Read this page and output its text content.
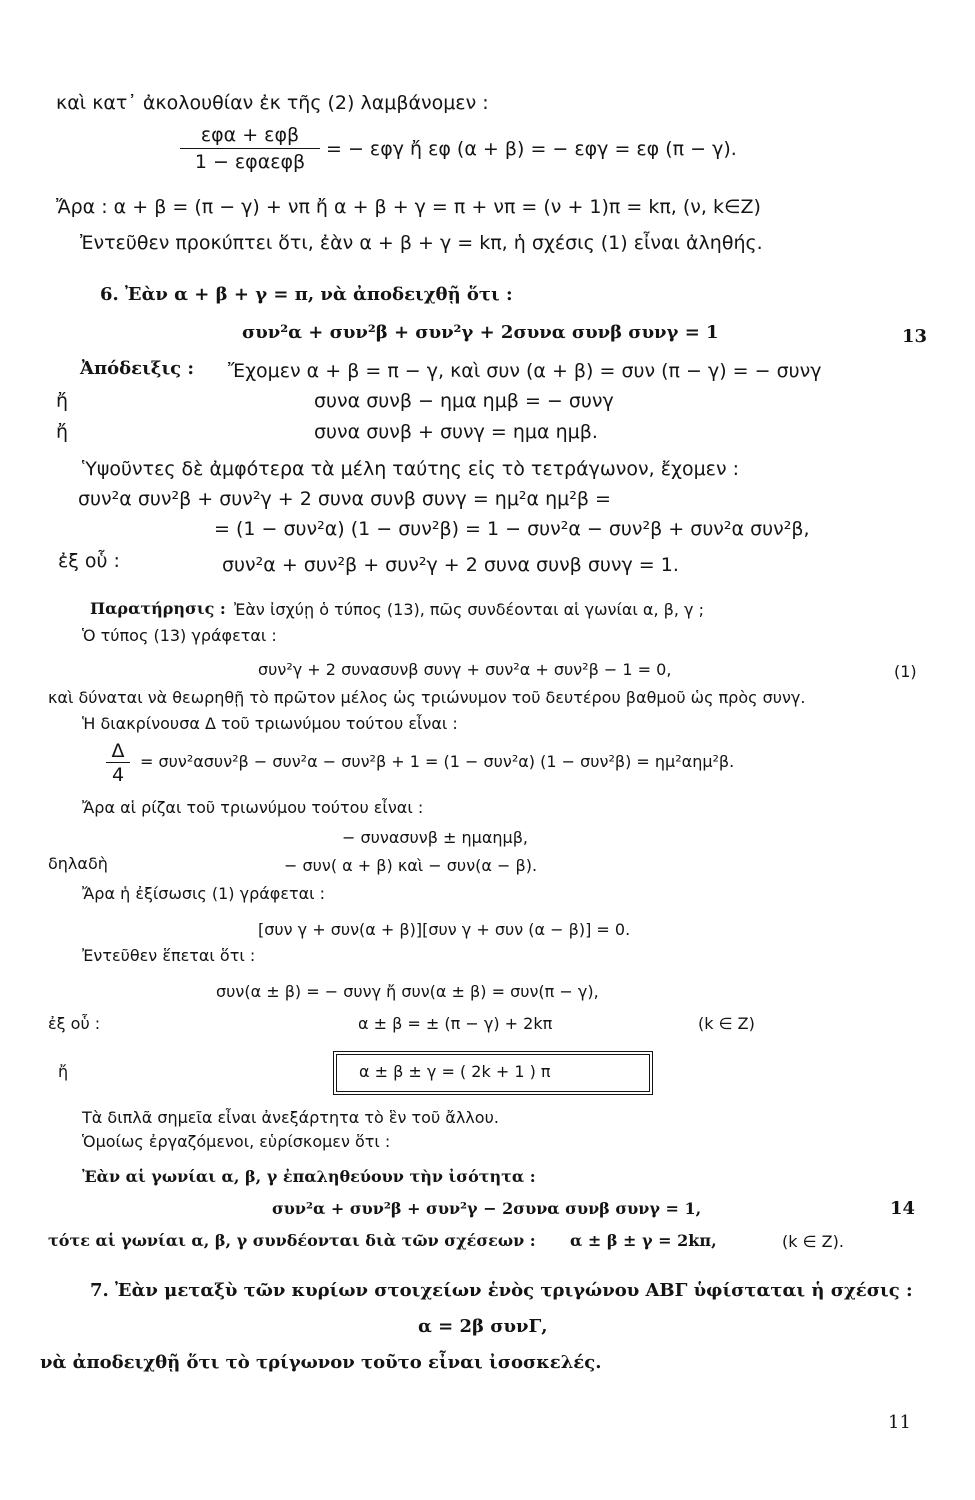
καὶ κατ᾽ ἀκολουθίαν ἐκ τῆς (2) λαμβάνομεν :
εφα + εφβ
1 − εφαεφβ
= − εφγ ἤ εφ (α + β) = − εφγ = εφ (π − γ).
Ἄρα : α + β = (π − γ) + νπ ἤ α + β + γ = π + νπ = (ν + 1)π = kπ, (ν, k∈Z)
Ἐντεῦθεν προκύπτει ὅτι, ἐὰν α + β + γ = kπ, ἡ σχέσις (1) εἶναι ἀληθής.
6. Ἐὰν α + β + γ = π, νὰ ἀποδειχθῇ ὅτι :
συν²α + συν²β + συν²γ + 2συνα συνβ συνγ = 1	13
Ἀπόδειξις : Ἔχομεν α + β = π − γ, καὶ συν (α + β) = συν (π − γ) = − συνγ
ἤ	συνα συνβ − ημα ημβ = − συνγ
ἤ	συνα συνβ + συνγ = ημα ημβ.
Ὑψοῦντες δὲ ἀμφότερα τὰ μέλη ταύτης εἰς τὸ τετράγωνον, ἔχομεν :
συν²α συν²β + συν²γ + 2 συνα συνβ συνγ = ημ²α ημ²β =
= (1 − συν²α) (1 − συν²β) = 1 − συν²α − συν²β + συν²α συν²β,
ἐξ οὗ :	συν²α + συν²β + συν²γ + 2 συνα συνβ συνγ = 1.
Παρατήρησις : Ἐὰν ἰσχύῃ ὁ τύπος (13), πῶς συνδέονται αἱ γωνίαι α, β, γ ;
Ὁ τύπος (13) γράφεται :
συν²γ + 2 συνασυνβ συνγ + συν²α + συν²β − 1 = 0,	(1)
καὶ δύναται νὰ θεωρηθῇ τὸ πρῶτον μέλος ὡς τριώνυμον τοῦ δευτέρου βαθμοῦ ὡς πρὸς συνγ.
Ἡ διακρίνουσα Δ τοῦ τριωνύμου τούτου εἶναι :
Δ
4
= συν²ασυν²β − συν²α − συν²β + 1 = (1 − συν²α) (1 − συν²β) = ημ²αημ²β.
Ἄρα αἱ ρίζαι τοῦ τριωνύμου τούτου εἶναι :
− συνασυνβ ± ημαημβ,
δηλαδὴ	− συν( α + β) καὶ − συν(α − β).
Ἄρα ἡ ἐξίσωσις (1) γράφεται :
[συν γ + συν(α + β)][συν γ + συν (α − β)] = 0.
Ἐντεῦθεν ἕπεται ὅτι :
συν(α ± β) = − συνγ ἤ συν(α ± β) = συν(π − γ),
ἐξ οὗ :	α ± β = ± (π − γ) + 2kπ	(k ∈ Z)
ἤ	α ± β ± γ = ( 2k + 1 ) π
Τὰ διπλᾶ σημεῖα εἶναι ἀνεξάρτητα τὸ ἓν τοῦ ἄλλου.
Ὁμοίως ἐργαζόμενοι, εὑρίσκομεν ὅτι :
Ἐὰν αἱ γωνίαι α, β, γ ἐπαληθεύουν τὴν ἰσότητα :
συν²α + συν²β + συν²γ − 2συνα συνβ συνγ = 1,	14
τότε αἱ γωνίαι α, β, γ συνδέονται διὰ τῶν σχέσεων : α ± β ± γ = 2kπ,	(k ∈ Z).
7. Ἐὰν μεταξὺ τῶν κυρίων στοιχείων ἑνὸς τριγώνου ΑΒΓ ὑφίσταται ἡ σχέσις :
α = 2β συνΓ,
νὰ ἀποδειχθῇ ὅτι τὸ τρίγωνον τοῦτο εἶναι ἰσοσκελές.
11
